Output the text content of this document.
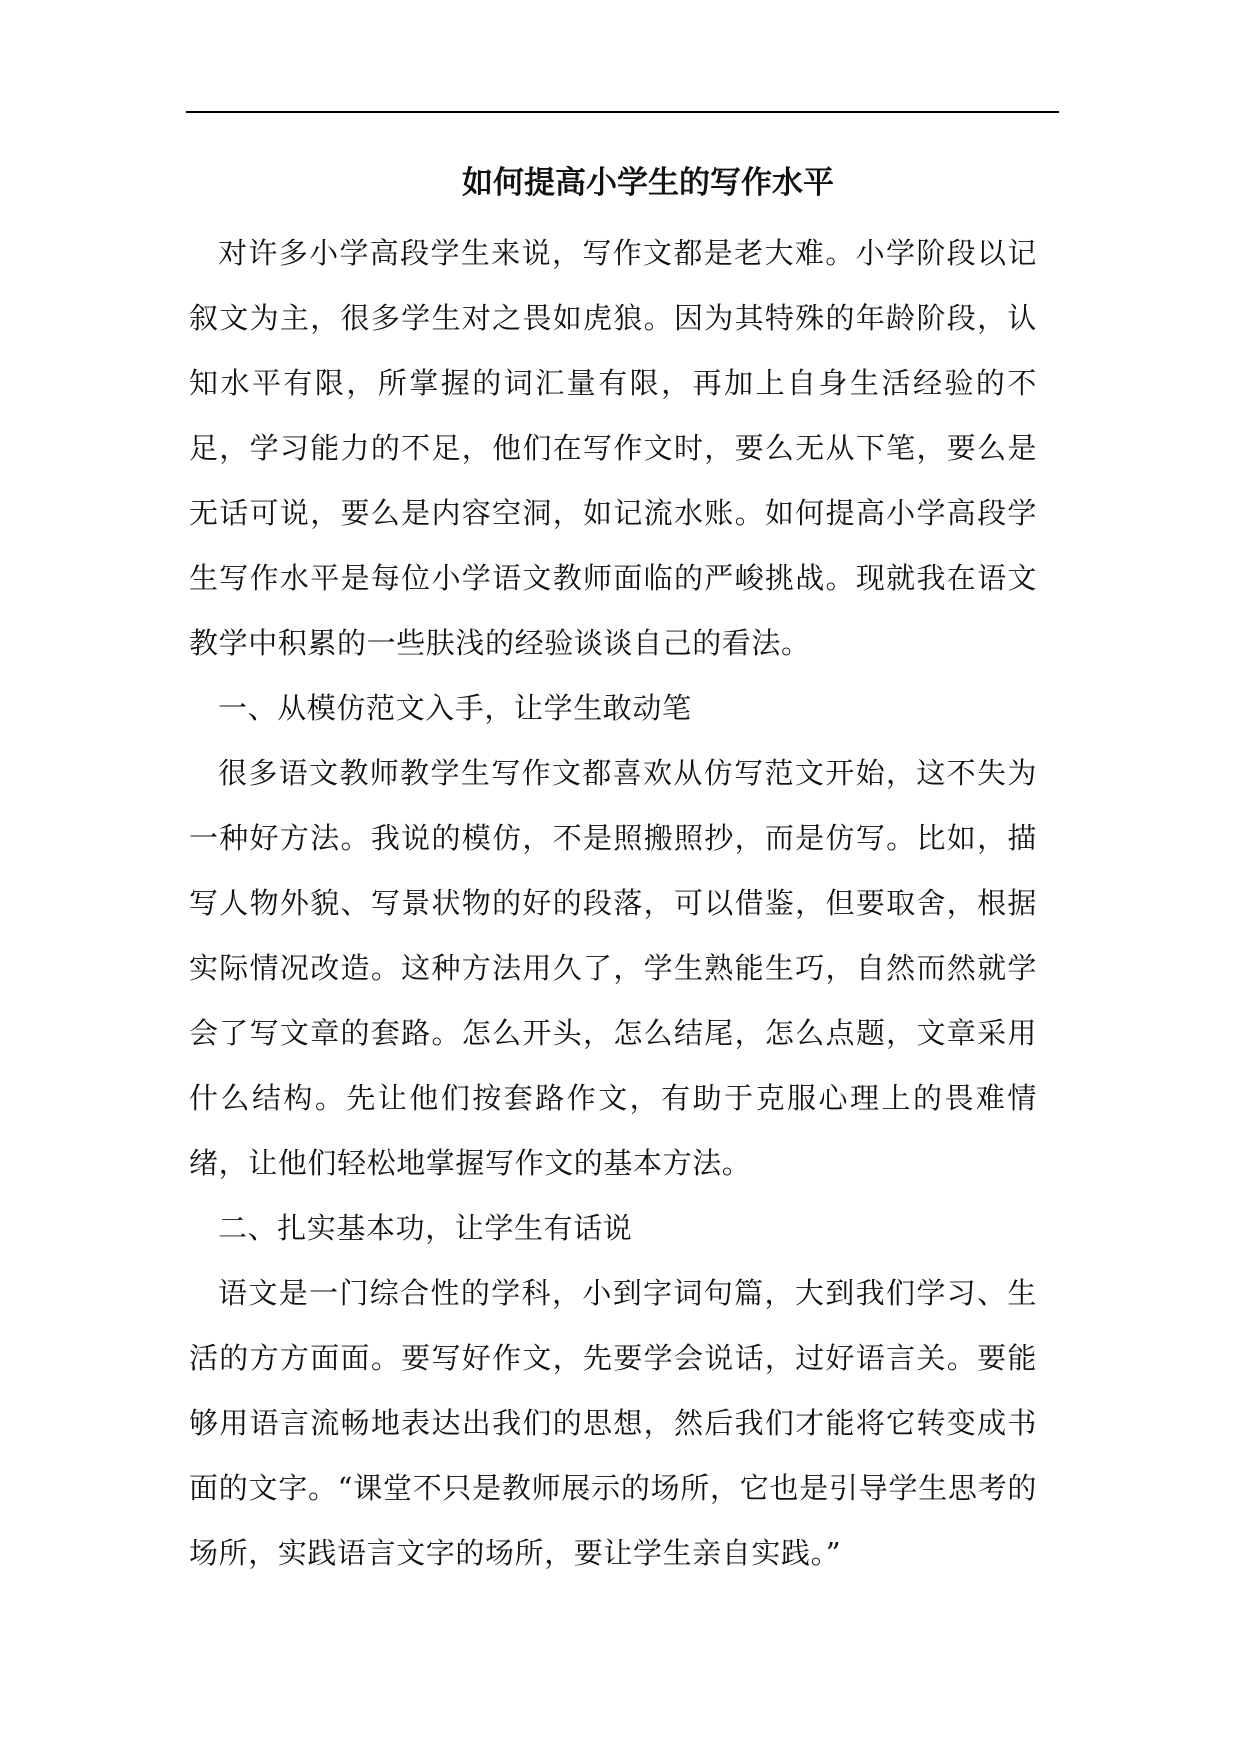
如何提高小学生的写作水平

对许多小学高段学生来说，写作文都是老大难。小学阶段以记叙文为主，很多学生对之畏如虎狼。因为其特殊的年龄阶段，认知水平有限，所掌握的词汇量有限，再加上自身生活经验的不足，学习能力的不足，他们在写作文时，要么无从下笔，要么是无话可说，要么是内容空洞，如记流水账。如何提高小学高段学生写作水平是每位小学语文教师面临的严峻挑战。现就我在语文教学中积累的一些肤浅的经验谈谈自己的看法。

一、从模仿范文入手，让学生敢动笔

很多语文教师教学生写作文都喜欢从仿写范文开始，这不失为一种好方法。我说的模仿，不是照搬照抄，而是仿写。比如，描写人物外貌、写景状物的好的段落，可以借鉴，但要取舍，根据实际情况改造。这种方法用久了，学生熟能生巧，自然而然就学会了写文章的套路。怎么开头，怎么结尾，怎么点题，文章采用什么结构。先让他们按套路作文，有助于克服心理上的畏难情绪，让他们轻松地掌握写作文的基本方法。

二、扎实基本功，让学生有话说

语文是一门综合性的学科，小到字词句篇，大到我们学习、生活的方方面面。要写好作文，先要学会说话，过好语言关。要能够用语言流畅地表达出我们的思想，然后我们才能将它转变成书面的文字。“课堂不只是教师展示的场所，它也是引导学生思考的场所，实践语言文字的场所，要让学生亲自实践。”
